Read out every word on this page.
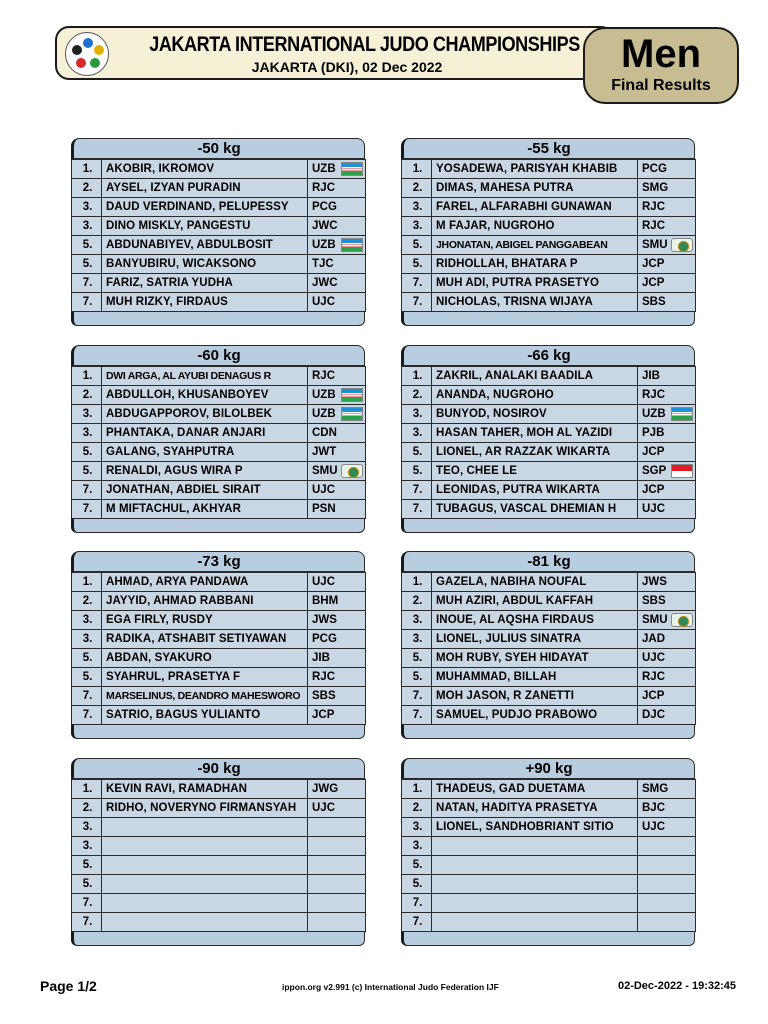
JAKARTA INTERNATIONAL JUDO CHAMPIONSHIPS
JAKARTA (DKI), 02 Dec 2022	Men
Final Results
-50 kg
1.	AKOBIR, IKROMOV	UZB

2.	AYSEL, IZYAN PURADIN	RJC
3.	DAUD VERDINAND, PELUPESSY	PCG
3.	DINO MISKLY, PANGESTU	JWC
5.	ABDUNABIYEV, ABDULBOSIT	UZB

5.	BANYUBIRU, WICAKSONO	TJC
7.	FARIZ, SATRIA YUDHA	JWC
7.	MUH RIZKY, FIRDAUS	UJC
-55 kg
1.	YOSADEWA, PARISYAH KHABIB	PCG
2.	DIMAS, MAHESA PUTRA	SMG
3.	FAREL, ALFARABHI GUNAWAN	RJC
3.	M FAJAR, NUGROHO	RJC
5.	JHONATAN, ABIGEL PANGGABEAN	SMU

5.	RIDHOLLAH, BHATARA P	JCP
7.	MUH ADI, PUTRA PRASETYO	JCP
7.	NICHOLAS, TRISNA WIJAYA	SBS
-60 kg
1.	DWI ARGA, AL AYUBI DENAGUS R	RJC
2.	ABDULLOH, KHUSANBOYEV	UZB

3.	ABDUGAPPOROV, BILOLBEK	UZB

3.	PHANTAKA, DANAR ANJARI	CDN
5.	GALANG, SYAHPUTRA	JWT
5.	RENALDI, AGUS WIRA P	SMU

7.	JONATHAN, ABDIEL SIRAIT	UJC
7.	M MIFTACHUL, AKHYAR	PSN
-66 kg
1.	ZAKRIL, ANALAKI BAADILA	JIB
2.	ANANDA, NUGROHO	RJC
3.	BUNYOD, NOSIROV	UZB

3.	HASAN TAHER, MOH AL YAZIDI	PJB
5.	LIONEL, AR RAZZAK WIKARTA	JCP
5.	TEO, CHEE LE	SGP

7.	LEONIDAS, PUTRA WIKARTA	JCP
7.	TUBAGUS, VASCAL DHEMIAN H	UJC
-73 kg
1.	AHMAD, ARYA PANDAWA	UJC
2.	JAYYID, AHMAD RABBANI	BHM
3.	EGA FIRLY, RUSDY	JWS
3.	RADIKA, ATSHABIT SETIYAWAN	PCG
5.	ABDAN, SYAKURO	JIB
5.	SYAHRUL, PRASETYA F	RJC
7.	MARSELINUS, DEANDRO MAHESWORO	SBS
7.	SATRIO, BAGUS YULIANTO	JCP
-81 kg
1.	GAZELA, NABIHA NOUFAL	JWS
2.	MUH AZIRI, ABDUL KAFFAH	SBS
3.	INOUE, AL AQSHA FIRDAUS	SMU

3.	LIONEL, JULIUS SINATRA	JAD
5.	MOH RUBY, SYEH HIDAYAT	UJC
5.	MUHAMMAD, BILLAH	RJC
7.	MOH JASON, R ZANETTI	JCP
7.	SAMUEL, PUDJO PRABOWO	DJC
-90 kg
1.	KEVIN RAVI, RAMADHAN	JWG
2.	RIDHO, NOVERYNO FIRMANSYAH	UJC
3.		
3.		
5.		
5.		
7.		
7.		
+90 kg
1.	THADEUS, GAD DUETAMA	SMG
2.	NATAN, HADITYA PRASETYA	BJC
3.	LIONEL, SANDHOBRIANT SITIO	UJC
3.		
5.		
5.		
7.		
7.		
Page 1/2	ippon.org v2.991 (c) International Judo Federation IJF	02-Dec-2022 - 19:32:45
